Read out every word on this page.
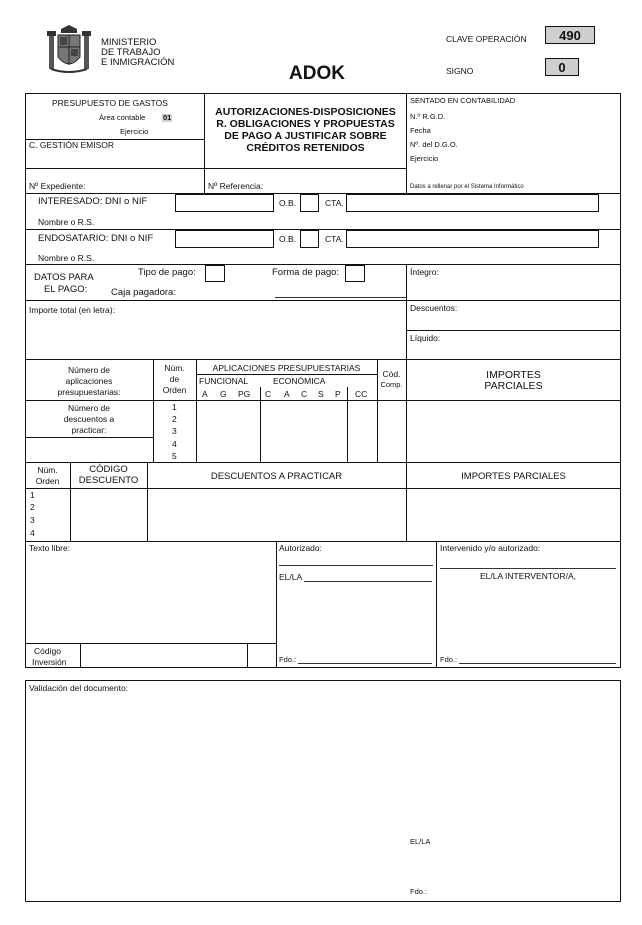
MINISTERIO
DE TRABAJO
E INMIGRACIÓN
ADOK
CLAVE OPERACIÓN	490
SIGNO	0
PRESUPUESTO DE GASTOS
Área contable 01
Ejercicio
C. GESTIÓN EMISOR
AUTORIZACIONES-DISPOSICIONES
R. OBLIGACIONES Y PROPUESTAS
DE PAGO A JUSTIFICAR SOBRE
CRÉDITOS RETENIDOS
SENTADO EN CONTABILIDAD
N.º R.G.D.
Fecha
Nº. del D.G.O.
Ejercicio
Nº Expediente:	Nº Referencia:	Datos a rellenar por el Sistema Informático
INTERESADO: DNI o NIF	O.B.	CTA.
Nombre o R.S.
ENDOSATARIO: DNI o NIF	O.B.	CTA.
Nombre o R.S.
DATOS PARA
EL PAGO:
Tipo de pago:	Forma de pago:
Caja pagadora:
Íntegro:
Importe total (en letra):	Descuentos:
Líquido:
Número de
aplicaciones
presupuestarias:
Núm.
de
Orden
APLICACIONES PRESUPUESTARIAS
FUNCIONAL	ECONÓMICA
A G PG C A C S P CC
Cód.
Comp.
IMPORTES
PARCIALES
Número de
descuentos a
practicar:
1
2
3
4
5
Núm.
Orden
CÓDIGO
DESCUENTO	DESCUENTOS A PRACTICAR	IMPORTES PARCIALES
1
2
3
4
Texto libre:	Autorizado:
EL/LA
Intervenido y/o autorizado:
EL/LA INTERVENTOR/A,
Código
Inversión	Fdo.:	Fdo.:
Validación del documento:
EL/LA
Fdo.:
